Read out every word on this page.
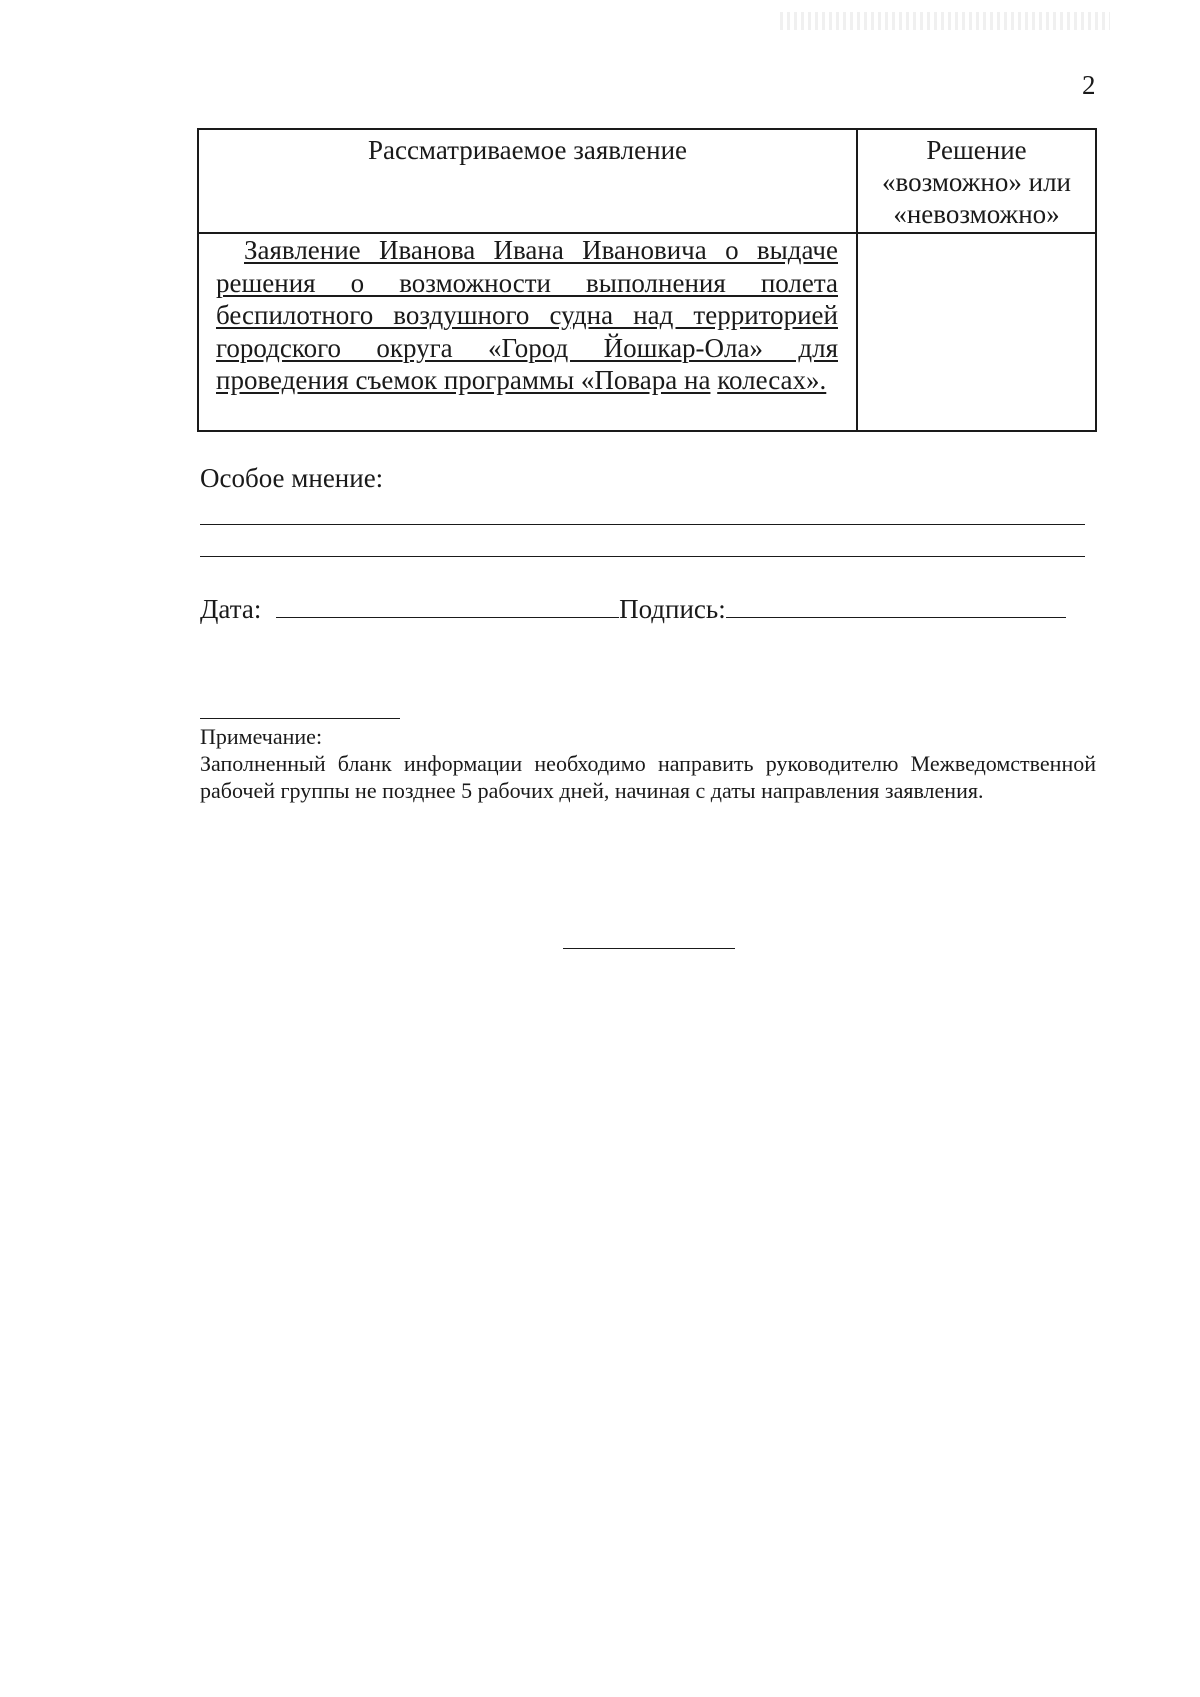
2
Рассматриваемое заявление	Решение
«возможно» или
«невозможно»

Заявление Иванова Ивана Ивановича о выдаче решения о возможности выполнения полета беспилотного воздушного судна над территорией городского округа «Город Йошкар-Ола» для проведения съемок программы «Повара на колесах».	
Особое мнение:
Дата:	Подпись:
Примечание:
Заполненный бланк информации необходимо направить руководителю Межведомственной рабочей группы не позднее 5 рабочих дней, начиная с даты направления заявления.
